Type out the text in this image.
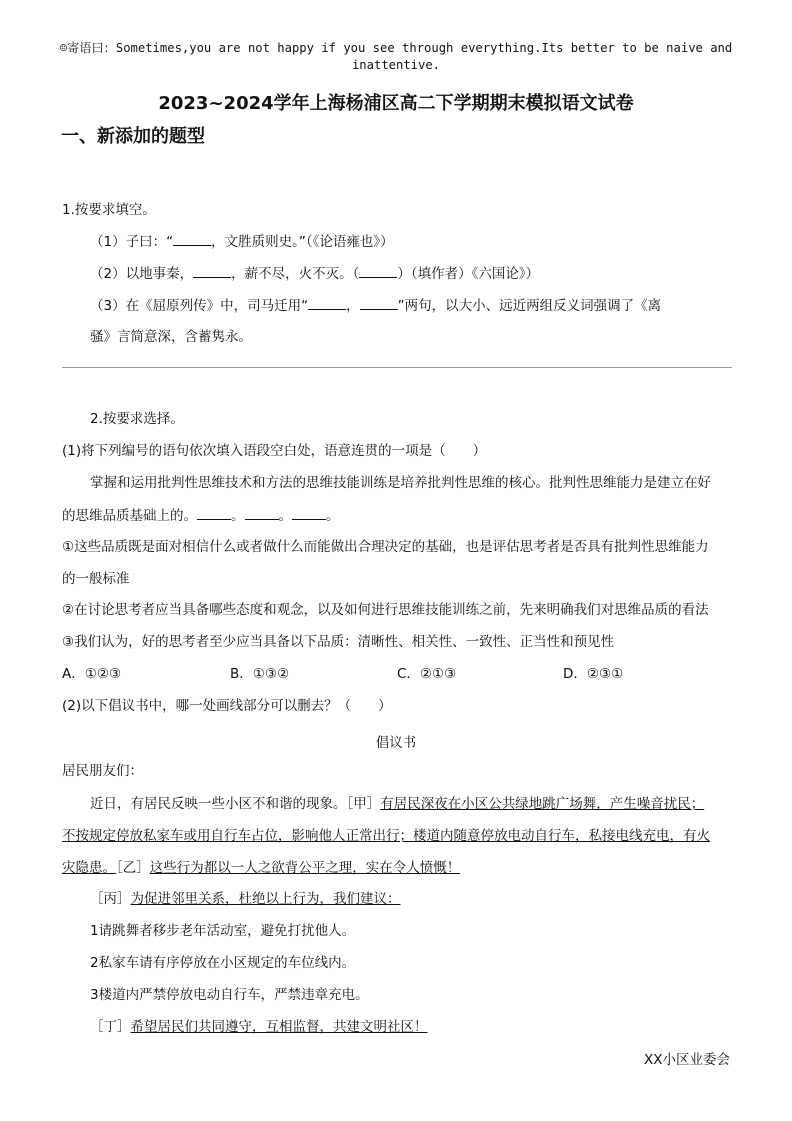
☺寄语曰：Sometimes,you are not happy if you see through everything.Its better to be naive and inattentive.
2023~2024学年上海杨浦区高二下学期期末模拟语文试卷
一、新添加的题型
1.按要求填空。
（1）子曰：“	，文胜质则史。”（《论语雍也》）
（2）以地事秦，	，薪不尽，火不灭。（	）（填作者）《六国论》）
（3）在《屈原列传》中，司马迁用“	，	”两句，以大小、远近两组反义词强调了《离
骚》言简意深，含蓄隽永。
2.按要求选择。
(1)将下列编号的语句依次填入语段空白处，语意连贯的一项是（　　）
掌握和运用批判性思维技术和方法的思维技能训练是培养批判性思维的核心。批判性思维能力是建立在好
的思维品质基础上的。	。	。	。
①这些品质既是面对相信什么或者做什么而能做出合理决定的基础，也是评估思考者是否具有批判性思维能力
的一般标准
②在讨论思考者应当具备哪些态度和观念，以及如何进行思维技能训练之前，先来明确我们对思维品质的看法
③我们认为，好的思考者至少应当具备以下品质：清晰性、相关性、一致性、正当性和预见性
A．①②③	B．①③②	C．②①③	D．②③①
(2)以下倡议书中，哪一处画线部分可以删去？（　　）
倡议书
居民朋友们：
近日，有居民反映一些小区不和谐的现象。［甲］有居民深夜在小区公共绿地跳广场舞，产生噪音扰民；
不按规定停放私家车或用自行车占位，影响他人正常出行；楼道内随意停放电动自行车，私接电线充电，有火
灾隐患。［乙］这些行为都以一人之欲背公平之理，实在令人愤慨！
［丙］为促进邻里关系，杜绝以上行为，我们建议：
1请跳舞者移步老年活动室，避免打扰他人。
2私家车请有序停放在小区规定的车位线内。
3楼道内严禁停放电动自行车，严禁违章充电。
［丁］希望居民们共同遵守，互相监督，共建文明社区！
XX小区业委会
